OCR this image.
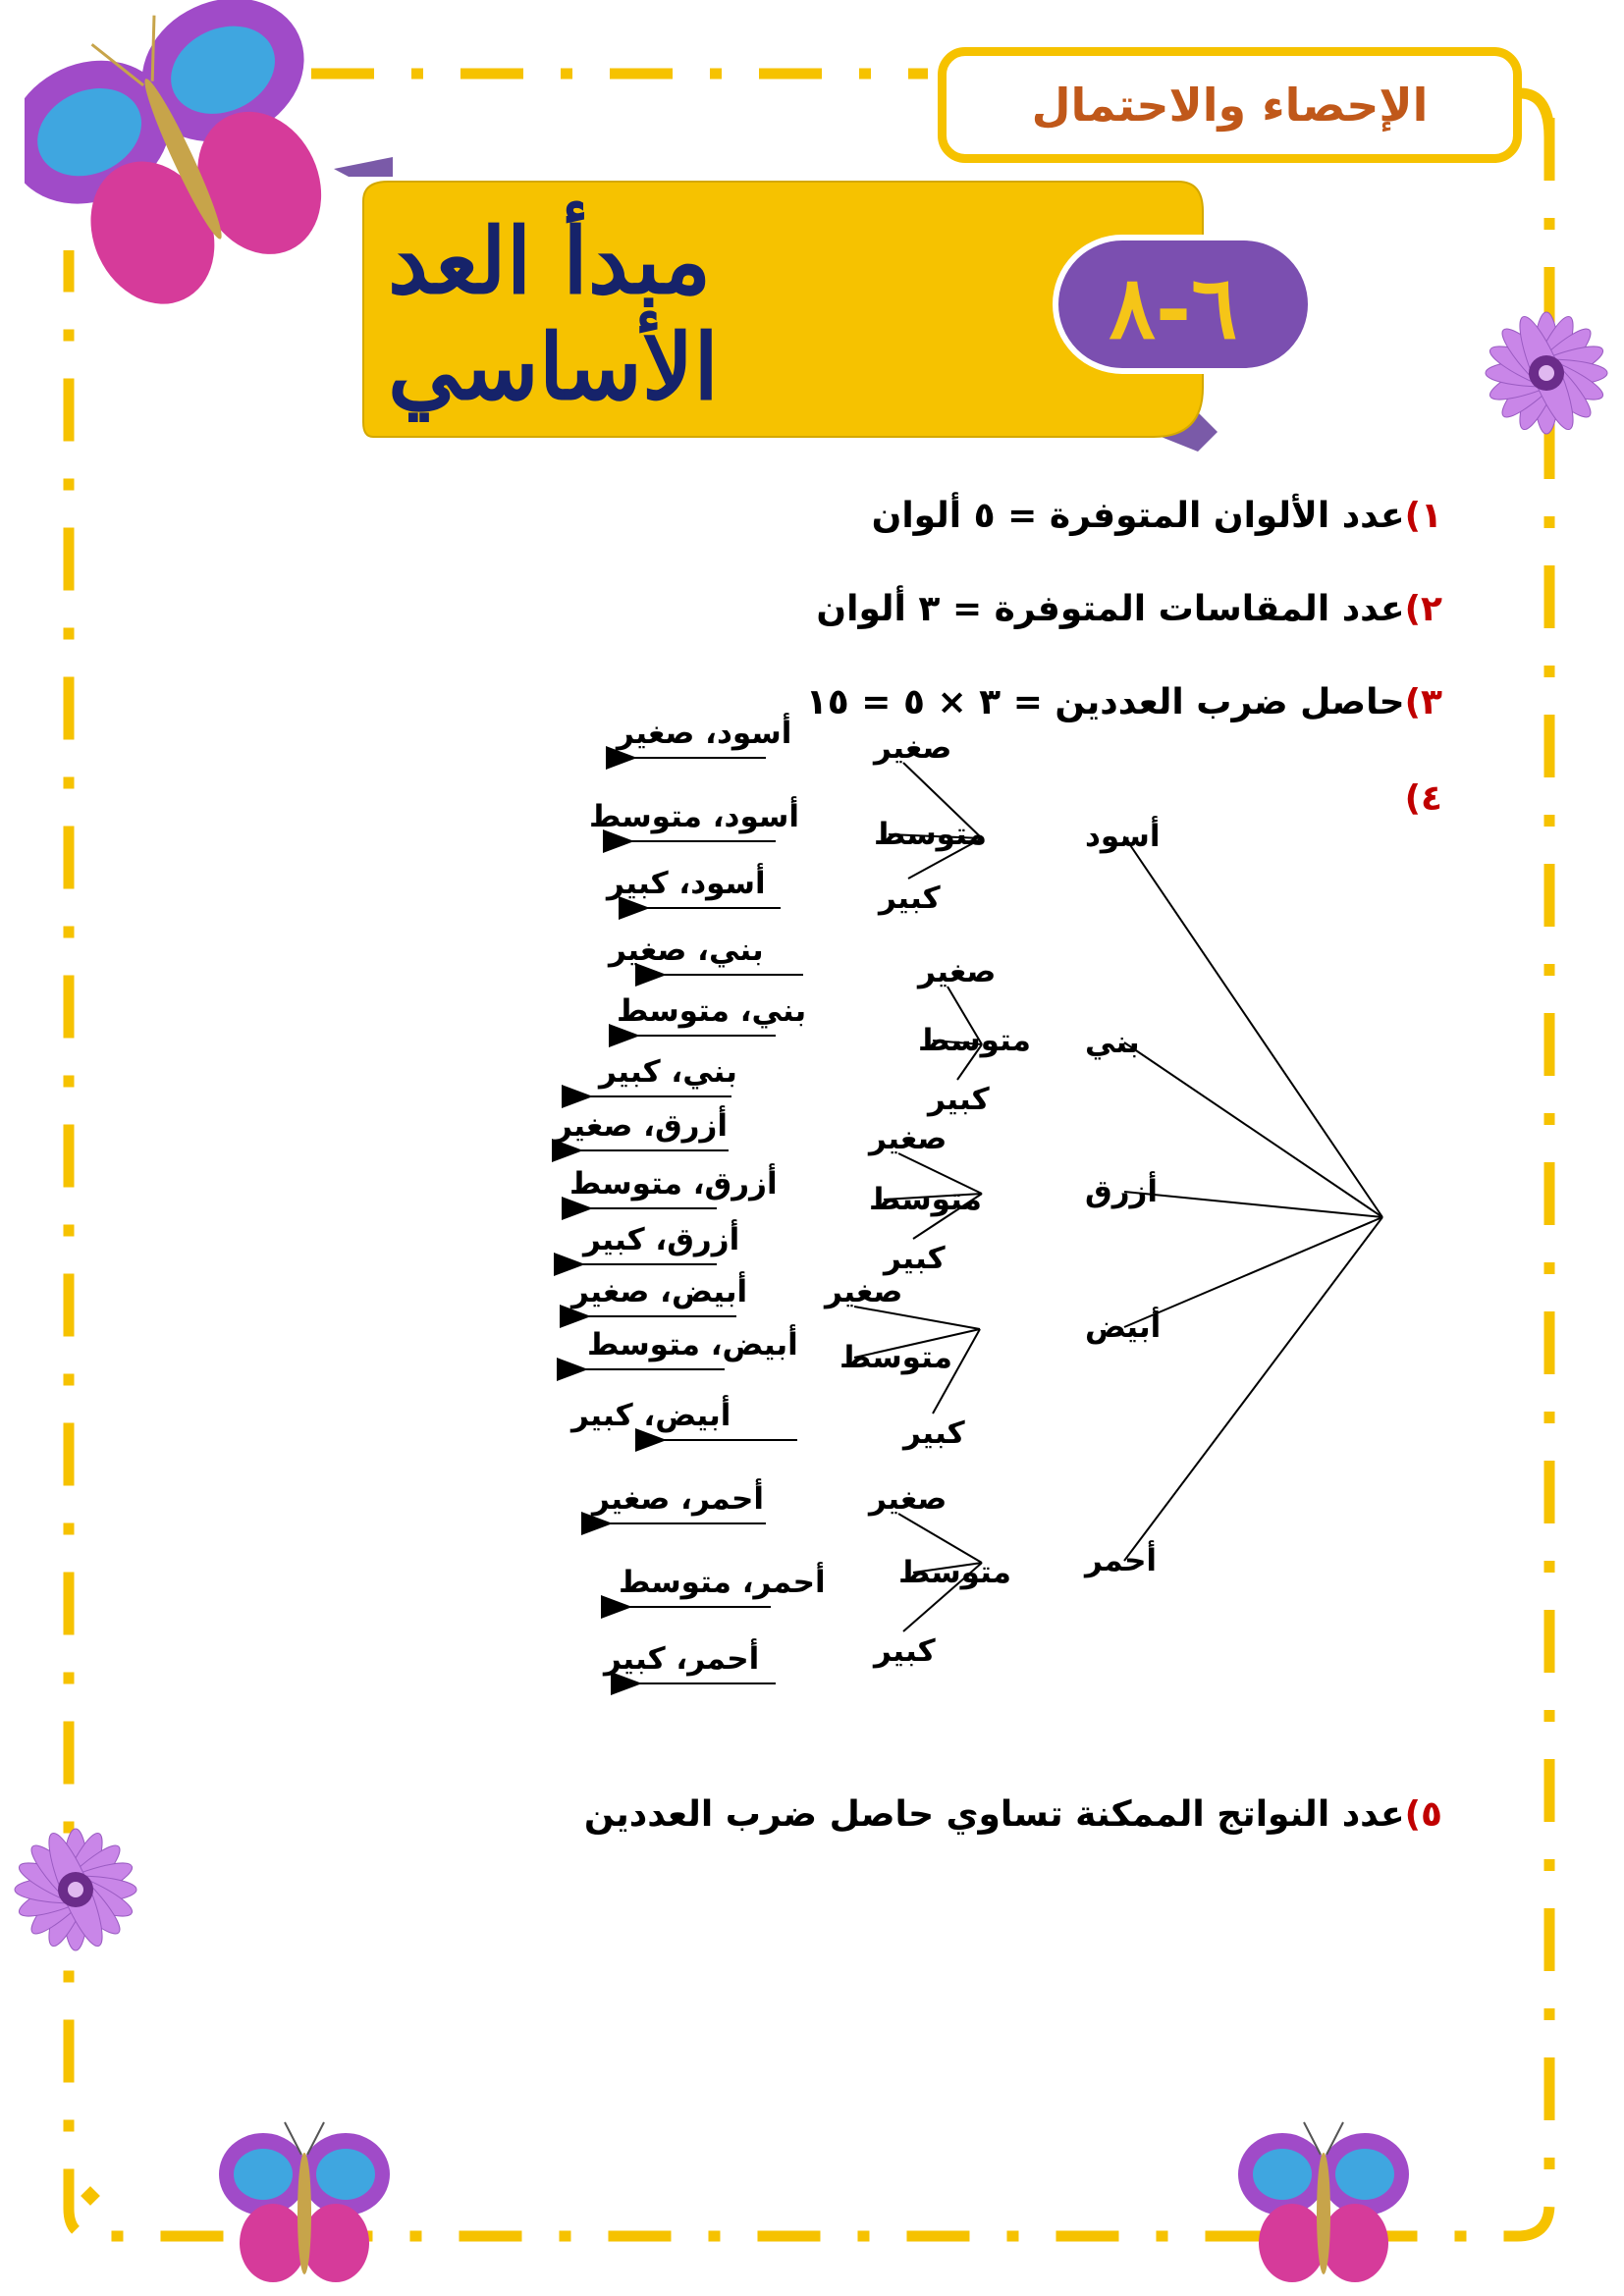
الإحصاء والاحتمال
مبدأ العد الأساسي
٦-٨
١)عدد الألوان المتوفرة = ٥ ألوان
٢)عدد المقاسات المتوفرة = ٣ ألوان
٣)حاصل ضرب العددين = ٣ × ٥ = ١٥
٤)
٥)عدد النواتج الممكنة تساوي حاصل ضرب العددين
أسود
صغير
أسود، صغير
متوسط
أسود، متوسط
كبير
أسود، كبير
بني
صغير
بني، صغير
متوسط
بني، متوسط
كبير
بني، كبير
أزرق
صغير
أزرق، صغير
متوسط
أزرق، متوسط
كبير
أزرق، كبير
أبيض
صغير
أبيض، صغير
متوسط
أبيض، متوسط
كبير
أبيض، كبير
أحمر
صغير
أحمر، صغير
متوسط
أحمر، متوسط
كبير
أحمر، كبير
